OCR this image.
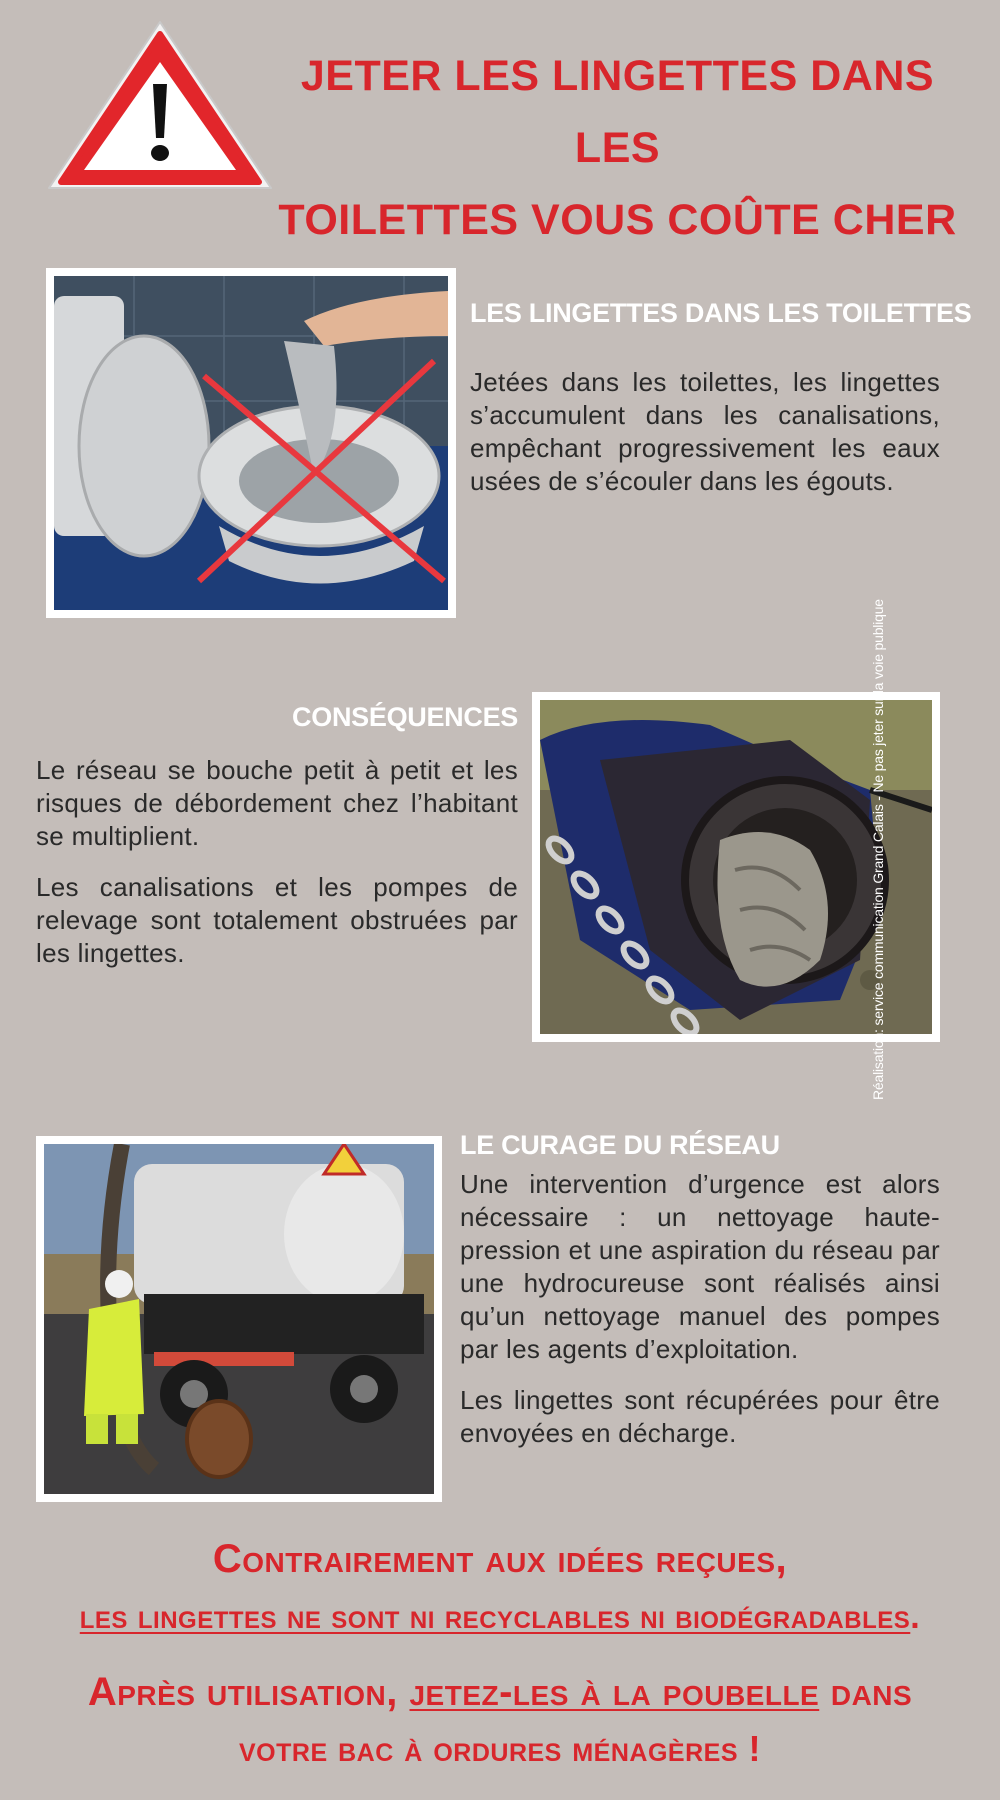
JETER LES LINGETTES DANS LES
TOILETTES VOUS COÛTE CHER
LES LINGETTES DANS LES TOILETTES

Jetées dans les toilettes, les lingettes s’accumulent dans les canalisations, empêchant progressivement les eaux usées de s’écouler dans les égouts.

CONSÉQUENCES

Le réseau se bouche petit à petit et les risques de débordement chez l’habitant se multiplient.

Les canalisations et les pompes de relevage sont totalement obstruées par les lingettes.

LE CURAGE DU RÉSEAU

Une intervention d’urgence est alors nécessaire : un nettoyage haute-pression et une aspiration du réseau par une hydrocureuse sont réalisés ainsi qu’un nettoyage manuel des pompes par les agents d’exploitation.

Les lingettes sont récupérées pour être envoyées en décharge.

Réalisation: service communication Grand Calais - Ne pas jeter sur la voie publique
Contrairement aux idées reçues,
les lingettes ne sont ni recyclables ni biodégradables.
Après utilisation, jetez-les à la poubelle dans
votre bac à ordures ménagères !
